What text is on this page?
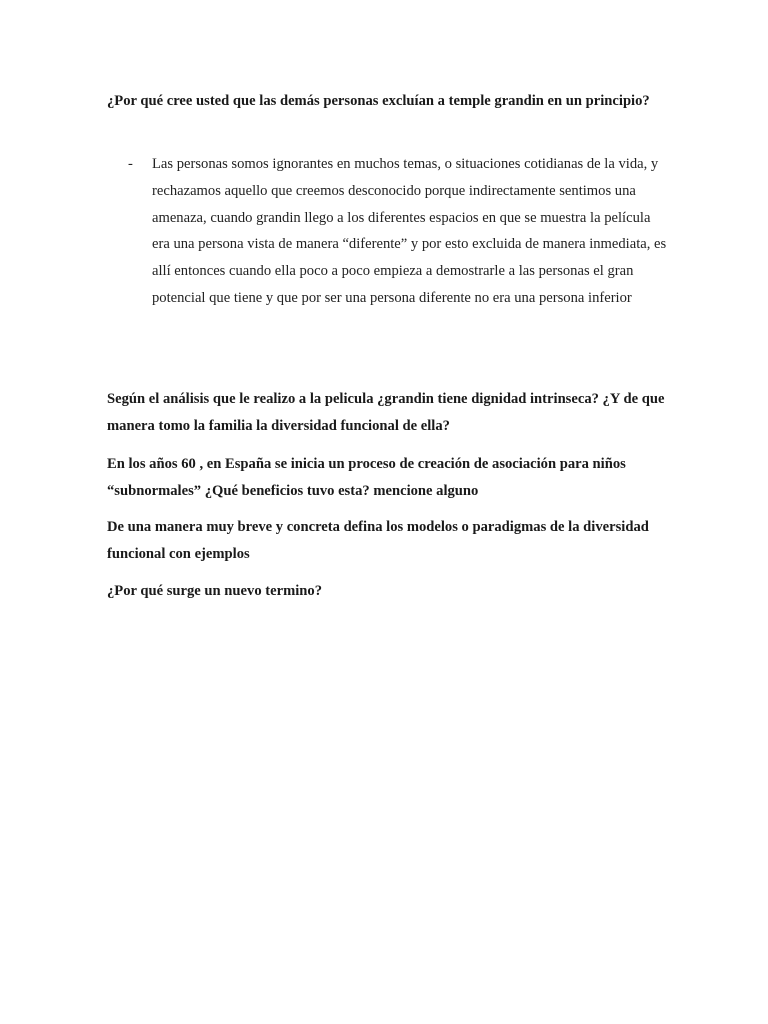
¿Por qué cree usted que las demás personas excluían a temple grandin en un principio?

- Las personas somos ignorantes en muchos temas, o situaciones cotidianas de la vida, y rechazamos aquello que creemos desconocido porque indirectamente sentimos una amenaza, cuando grandin llego a los diferentes espacios en que se muestra la película era una persona vista de manera “diferente” y por esto excluida de manera inmediata, es allí entonces cuando ella poco a poco empieza a demostrarle a las personas el gran potencial que tiene y que por ser una persona diferente no era una persona inferior

Según el análisis que le realizo a la pelicula ¿grandin tiene dignidad intrinseca? ¿Y de que manera tomo la familia la diversidad funcional de ella?

En los años 60 , en España se inicia un proceso de creación de asociación para niños “subnormales” ¿Qué beneficios tuvo esta? mencione alguno

De una manera muy breve y concreta defina los modelos o paradigmas de la diversidad funcional con ejemplos

¿Por qué surge un nuevo termino?
